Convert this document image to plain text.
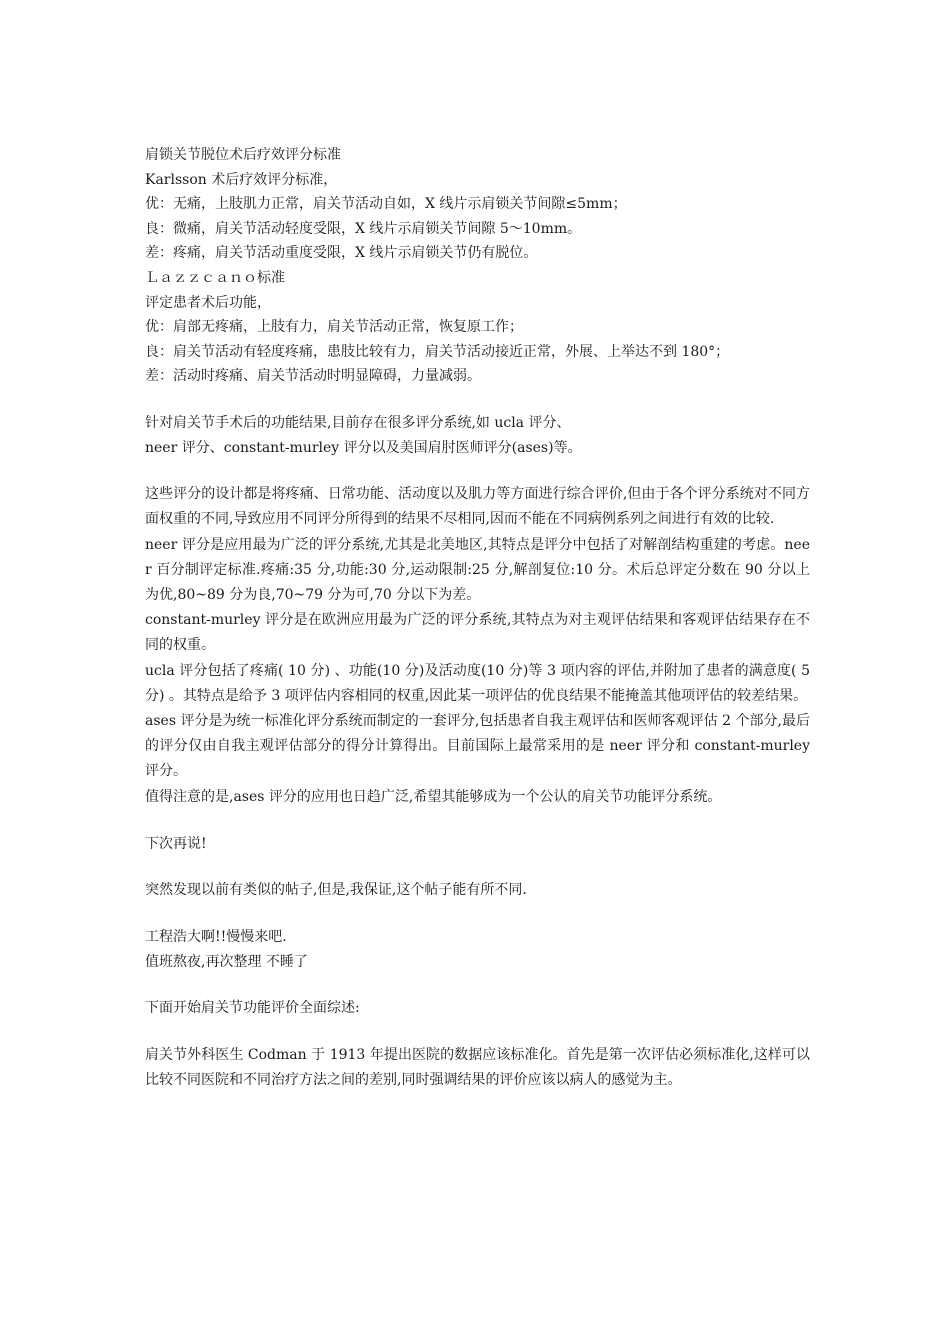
肩锁关节脱位术后疗效评分标准
Karlsson 术后疗效评分标准，
优：无痛，上肢肌力正常，肩关节活动自如，X 线片示肩锁关节间隙≤5mm；
良：微痛，肩关节活动轻度受限，X 线片示肩锁关节间隙 5～10mm。
差：疼痛，肩关节活动重度受限，X 线片示肩锁关节仍有脱位。
Ｌａｚｚｃａｎｏ标准
评定患者术后功能，
优：肩部无疼痛，上肢有力，肩关节活动正常，恢复原工作；
良：肩关节活动有轻度疼痛，患肢比较有力，肩关节活动接近正常，外展、上举达不到 180°；
差：活动时疼痛、肩关节活动时明显障碍，力量减弱。
针对肩关节手术后的功能结果,目前存在很多评分系统,如 ucla 评分、
neer 评分、constant-murley 评分以及美国肩肘医师评分(ases)等。
这些评分的设计都是将疼痛、日常功能、活动度以及肌力等方面进行综合评价,但由于各个评分系统对不同方面权重的不同,导致应用不同评分所得到的结果不尽相同,因而不能在不同病例系列之间进行有效的比较.
neer 评分是应用最为广泛的评分系统,尤其是北美地区,其特点是评分中包括了对解剖结构重建的考虑。neer 百分制评定标准.疼痛:35 分,功能:30 分,运动限制:25 分,解剖复位:10 分。术后总评定分数在 90 分以上为优,80~89 分为良,70~79 分为可,70 分以下为差。
constant-murley 评分是在欧洲应用最为广泛的评分系统,其特点为对主观评估结果和客观评估结果存在不同的权重。
ucla 评分包括了疼痛( 10 分) 、功能(10 分)及活动度(10 分)等 3 项内容的评估,并附加了患者的满意度( 5 分) 。其特点是给予 3 项评估内容相同的权重,因此某一项评估的优良结果不能掩盖其他项评估的较差结果。
ases 评分是为统一标准化评分系统而制定的一套评分,包括患者自我主观评估和医师客观评估 2 个部分,最后的评分仅由自我主观评估部分的得分计算得出。目前国际上最常采用的是 neer 评分和 constant-murley 评分。
值得注意的是,ases 评分的应用也日趋广泛,希望其能够成为一个公认的肩关节功能评分系统。
下次再说!
突然发现以前有类似的帖子,但是,我保证,这个帖子能有所不同.
工程浩大啊!!慢慢来吧.
值班熬夜,再次整理 不睡了
下面开始肩关节功能评价全面综述:
肩关节外科医生 Codman 于 1913 年提出医院的数据应该标准化。首先是第一次评估必须标准化,这样可以比较不同医院和不同治疗方法之间的差别,同时强调结果的评价应该以病人的感觉为主。
